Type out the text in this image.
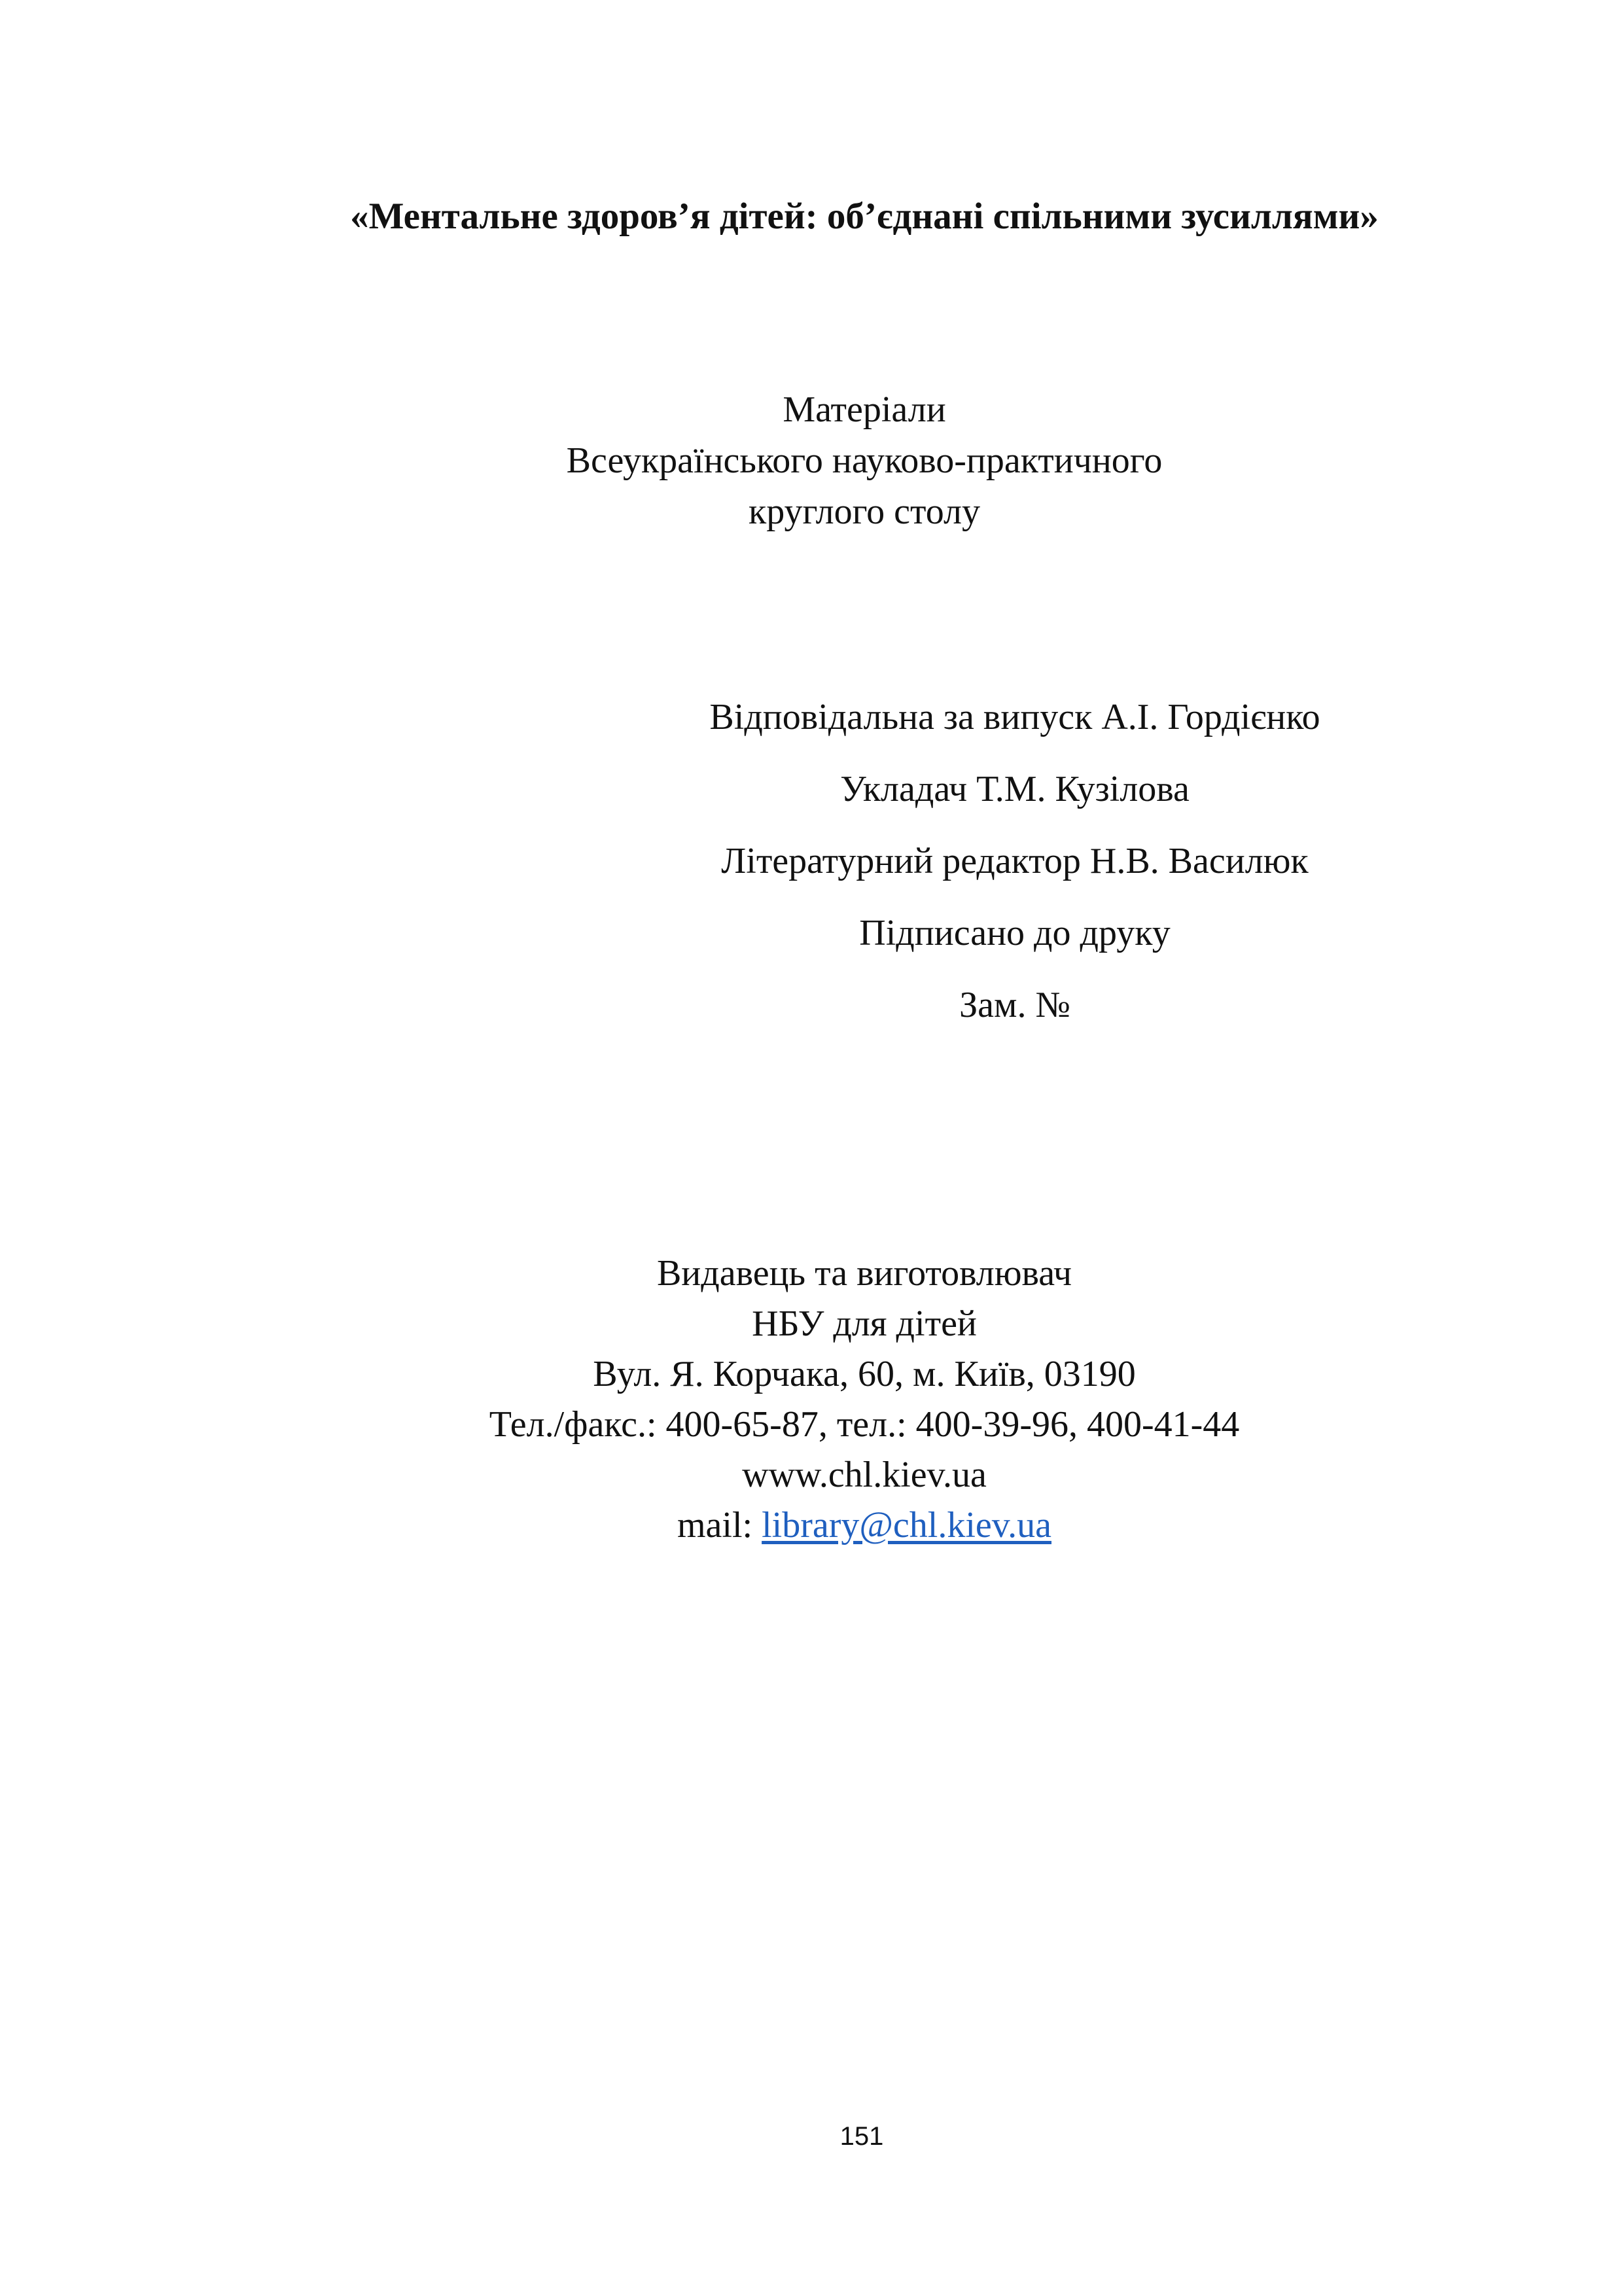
«Ментальне здоров’я дітей: об’єднані спільними зусиллями»
Матеріали
Всеукраїнського науково-практичного
круглого столу
Відповідальна за випуск А.І. Гордієнко
Укладач Т.М. Кузілова
Літературний редактор Н.В. Василюк
Підписано до друку
Зам. №
Видавець та виготовлювач
НБУ для дітей
Вул. Я. Корчака, 60, м. Київ, 03190
Тел./факс.: 400-65-87, тел.: 400-39-96, 400-41-44
www.chl.kiev.ua
mail: library@chl.kiev.ua
151
